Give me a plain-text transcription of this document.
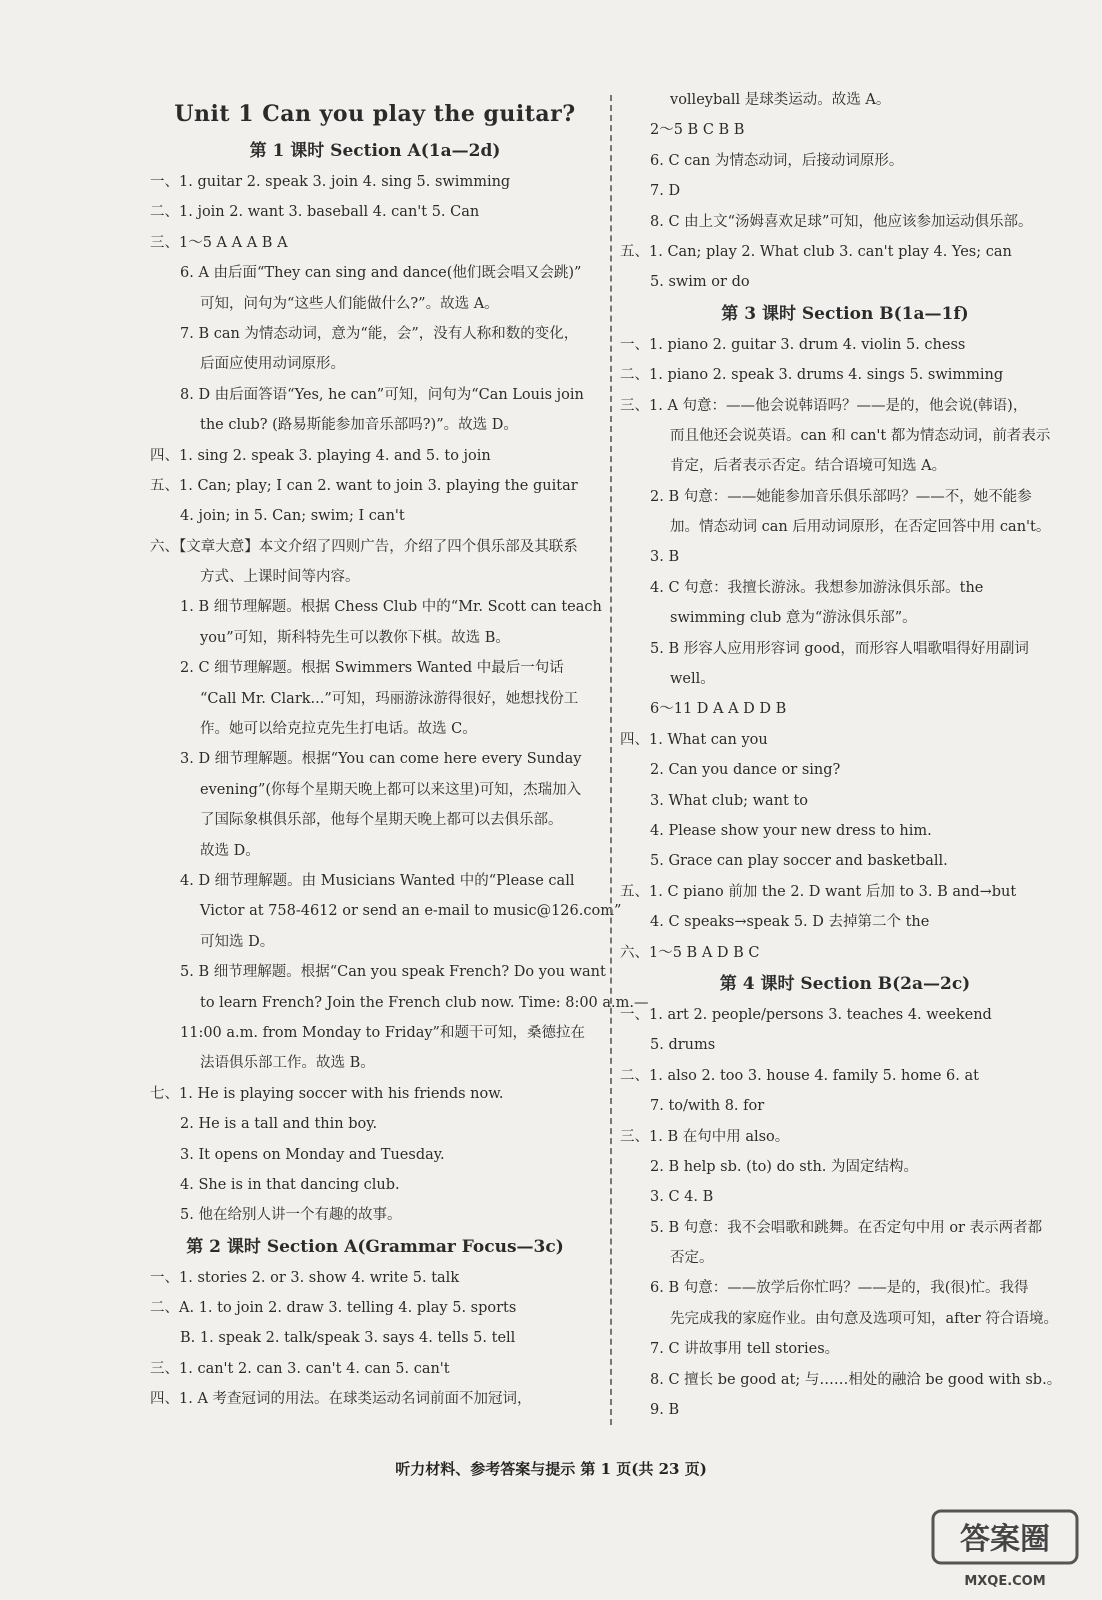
Unit 1 Can you play the guitar?
第 1 课时 Section A(1a—2d)
一、1. guitar 2. speak 3. join 4. sing 5. swimming
二、1. join 2. want 3. baseball 4. can't 5. Can
三、1～5 A A A B A
6. A 由后面“They can sing and dance(他们既会唱又会跳)”
可知，问句为“这些人们能做什么?”。故选 A。
7. B can 为情态动词，意为“能，会”，没有人称和数的变化，
后面应使用动词原形。
8. D 由后面答语“Yes, he can”可知，问句为“Can Louis join
the club? (路易斯能参加音乐部吗?)”。故选 D。
四、1. sing 2. speak 3. playing 4. and 5. to join
五、1. Can; play; I can 2. want to join 3. playing the guitar
4. join; in 5. Can; swim; I can't
六、【文章大意】本文介绍了四则广告，介绍了四个俱乐部及其联系
方式、上课时间等内容。
1. B 细节理解题。根据 Chess Club 中的“Mr. Scott can teach
you”可知，斯科特先生可以教你下棋。故选 B。
2. C 细节理解题。根据 Swimmers Wanted 中最后一句话
“Call Mr. Clark...”可知，玛丽游泳游得很好，她想找份工
作。她可以给克拉克先生打电话。故选 C。
3. D 细节理解题。根据“You can come here every Sunday
evening”(你每个星期天晚上都可以来这里)可知，杰瑞加入
了国际象棋俱乐部，他每个星期天晚上都可以去俱乐部。
故选 D。
4. D 细节理解题。由 Musicians Wanted 中的“Please call
Victor at 758-4612 or send an e-mail to music@126.com”
可知选 D。
5. B 细节理解题。根据“Can you speak French? Do you want
to learn French? Join the French club now. Time: 8:00 a.m.—
11:00 a.m. from Monday to Friday”和题干可知，桑德拉在
法语俱乐部工作。故选 B。
七、1. He is playing soccer with his friends now.
2. He is a tall and thin boy.
3. It opens on Monday and Tuesday.
4. She is in that dancing club.
5. 他在给别人讲一个有趣的故事。
第 2 课时 Section A(Grammar Focus—3c)
一、1. stories 2. or 3. show 4. write 5. talk
二、A. 1. to join 2. draw 3. telling 4. play 5. sports
B. 1. speak 2. talk/speak 3. says 4. tells 5. tell
三、1. can't 2. can 3. can't 4. can 5. can't
四、1. A 考查冠词的用法。在球类运动名词前面不加冠词，
volleyball 是球类运动。故选 A。
2～5 B C B B
6. C can 为情态动词，后接动词原形。
7. D
8. C 由上文“汤姆喜欢足球”可知，他应该参加运动俱乐部。
五、1. Can; play 2. What club 3. can't play 4. Yes; can
5. swim or do
第 3 课时 Section B(1a—1f)
一、1. piano 2. guitar 3. drum 4. violin 5. chess
二、1. piano 2. speak 3. drums 4. sings 5. swimming
三、1. A 句意：——他会说韩语吗？——是的，他会说(韩语)，
而且他还会说英语。can 和 can't 都为情态动词，前者表示
肯定，后者表示否定。结合语境可知选 A。
2. B 句意：——她能参加音乐俱乐部吗？——不，她不能参
加。情态动词 can 后用动词原形，在否定回答中用 can't。
3. B
4. C 句意：我擅长游泳。我想参加游泳俱乐部。the
swimming club 意为“游泳俱乐部”。
5. B 形容人应用形容词 good，而形容人唱歌唱得好用副词
well。
6～11 D A A D D B
四、1. What can you
2. Can you dance or sing?
3. What club; want to
4. Please show your new dress to him.
5. Grace can play soccer and basketball.
五、1. C piano 前加 the 2. D want 后加 to 3. B and→but
4. C speaks→speak 5. D 去掉第二个 the
六、1～5 B A D B C
第 4 课时 Section B(2a—2c)
一、1. art 2. people/persons 3. teaches 4. weekend
5. drums
二、1. also 2. too 3. house 4. family 5. home 6. at
7. to/with 8. for
三、1. B 在句中用 also。
2. B help sb. (to) do sth. 为固定结构。
3. C 4. B
5. B 句意：我不会唱歌和跳舞。在否定句中用 or 表示两者都
否定。
6. B 句意：——放学后你忙吗？——是的，我(很)忙。我得
先完成我的家庭作业。由句意及选项可知，after 符合语境。
7. C 讲故事用 tell stories。
8. C 擅长 be good at; 与……相处的融洽 be good with sb.。
9. B
听力材料、参考答案与提示 第 1 页(共 23 页)
答案圈
MXQE.COM
